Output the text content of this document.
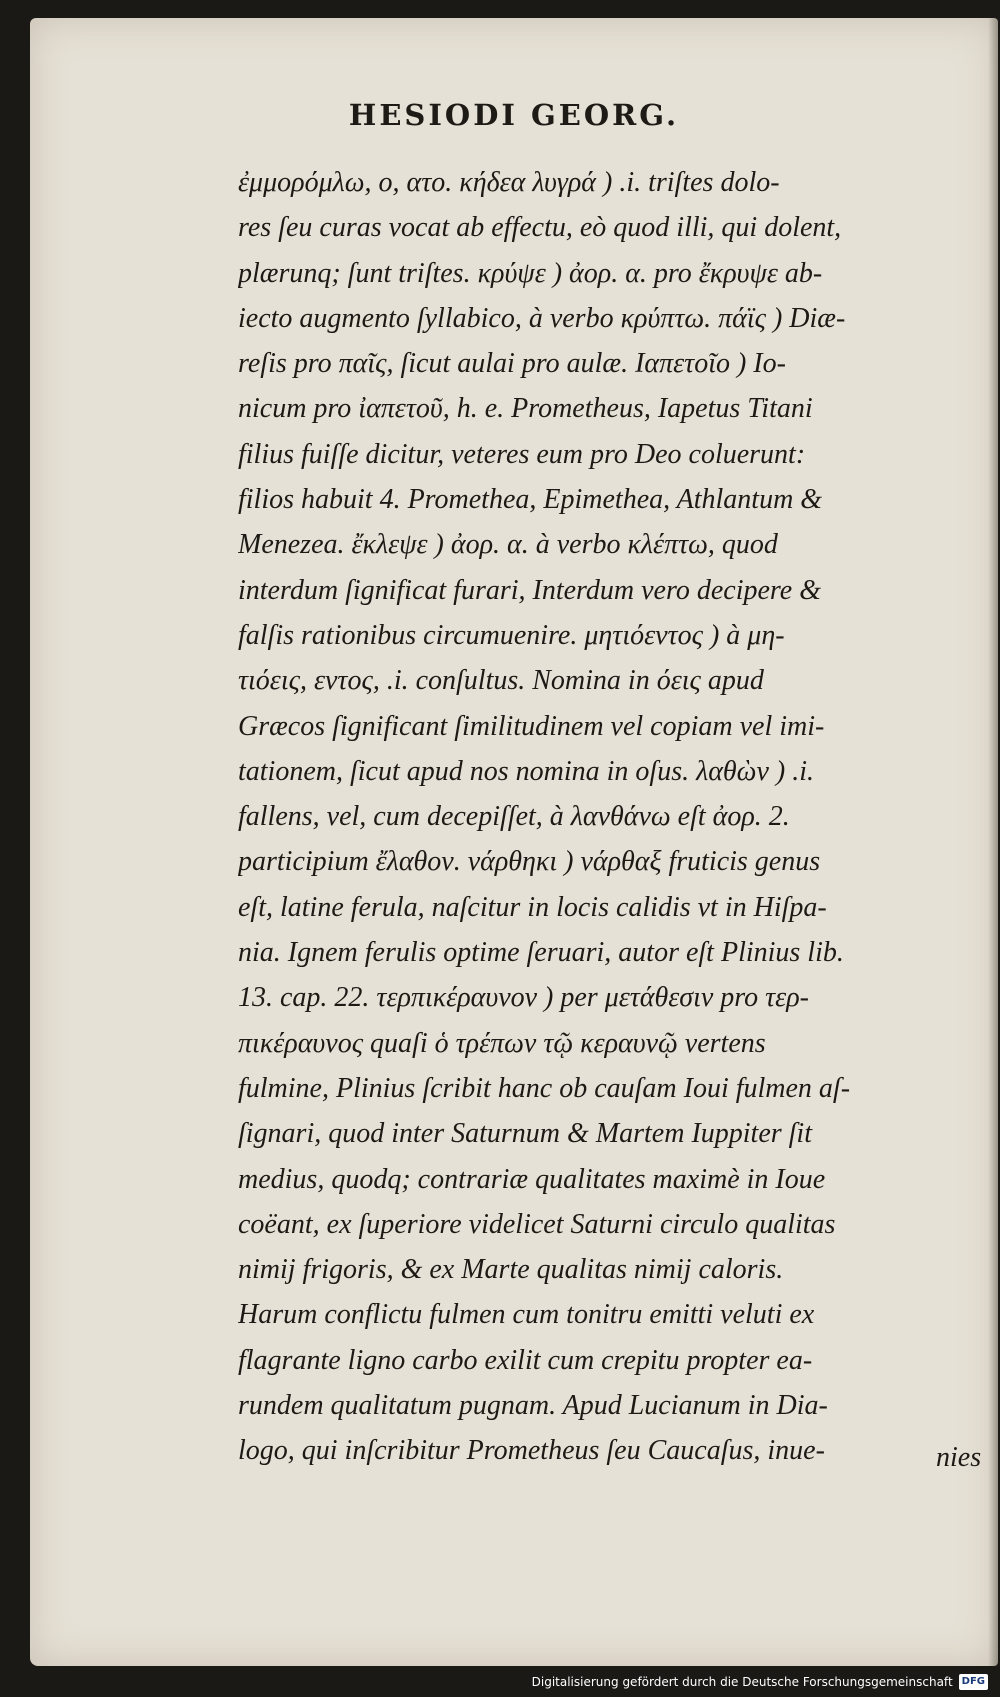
HESIODI GEORG.
ἐμμορόμλω, ο, ατο. κήδεα λυγρά ) .i. triſtes dolo-
res ſeu curas vocat ab effectu, eò quod illi, qui dolent,
plærunq; ſunt triſtes. κρύψε ) ἀορ. α. pro ἔκρυψε ab-
iecto augmento ſyllabico, à verbo κρύπτω. πάϊς ) Diæ-
reſis pro παῖς, ſicut aulai pro aulæ. Ιαπετοῖο ) Io-
nicum pro ἰαπετοῦ, h. e. Prometheus, Iapetus Titani
filius fuiſſe dicitur, veteres eum pro Deo coluerunt:
filios habuit 4. Promethea, Epimethea, Athlantum &
Menezea. ἔκλεψε ) ἀορ. α. à verbo κλέπτω, quod
interdum ſignificat furari, Interdum vero decipere &
falſis rationibus circumuenire. μητιόεντος ) à μη-
τιόεις, εντος, .i. conſultus. Nomina in όεις apud
Græcos ſignificant ſimilitudinem vel copiam vel imi-
tationem, ſicut apud nos nomina in oſus. λαθὼν ) .i.
fallens, vel, cum decepiſſet, à λανθάνω eſt ἀορ. 2.
participium ἔλαθον. νάρθηκι ) νάρθαξ fruticis genus
eſt, latine ferula, naſcitur in locis calidis vt in Hiſpa-
nia. Ignem ferulis optime ſeruari, autor eſt Plinius lib.
13. cap. 22. τερπικέραυνον ) per μετάθεσιν pro τερ-
πικέραυνος quaſi ὁ τρέπων τῷ κεραυνῷ vertens
fulmine, Plinius ſcribit hanc ob cauſam Ioui fulmen aſ-
ſignari, quod inter Saturnum & Martem Iuppiter ſit
medius, quodq; contrariæ qualitates maximè in Ioue
coëant, ex ſuperiore videlicet Saturni circulo qualitas
nimij frigoris, & ex Marte qualitas nimij caloris.
Harum conflictu fulmen cum tonitru emitti veluti ex
flagrante ligno carbo exilit cum crepitu propter ea-
rundem qualitatum pugnam. Apud Lucianum in Dia-
logo, qui inſcribitur Prometheus ſeu Caucaſus, inue-	nies
Digitalisierung gefördert durch die Deutsche Forschungsgemeinschaft DFG
